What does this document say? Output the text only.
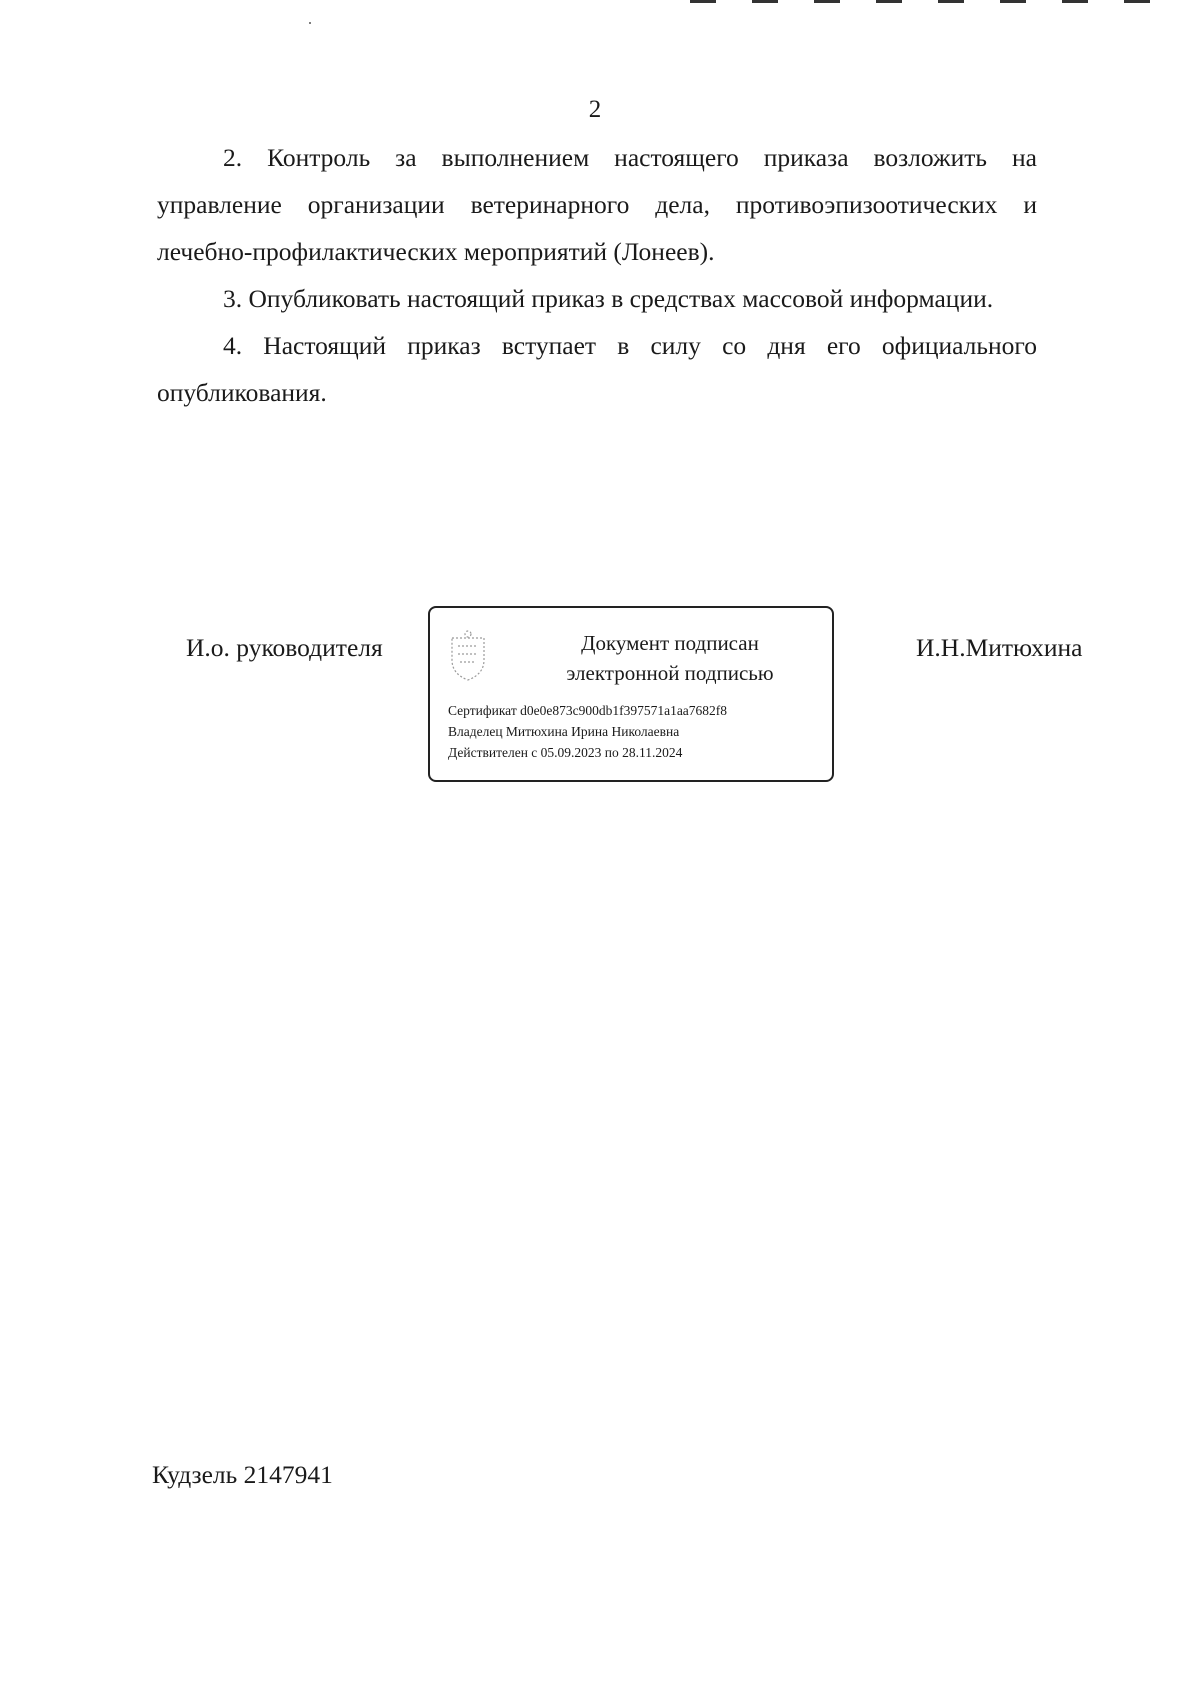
2

2. Контроль за выполнением настоящего приказа возложить на управление организации ветеринарного дела, противоэпизоотических и лечебно-профилактических мероприятий (Лонеев).

3. Опубликовать настоящий приказ в средствах массовой информации.

4. Настоящий приказ вступает в силу со дня его официального опубликования.

И.о. руководителя	Документ подписан
электронной подписью
Сертификат d0e0e873c900db1f397571a1aa7682f8
Владелец Митюхина Ирина Николаевна
Действителен с 05.09.2023 по 28.11.2024
И.Н.Митюхина
Кудзель 2147941
